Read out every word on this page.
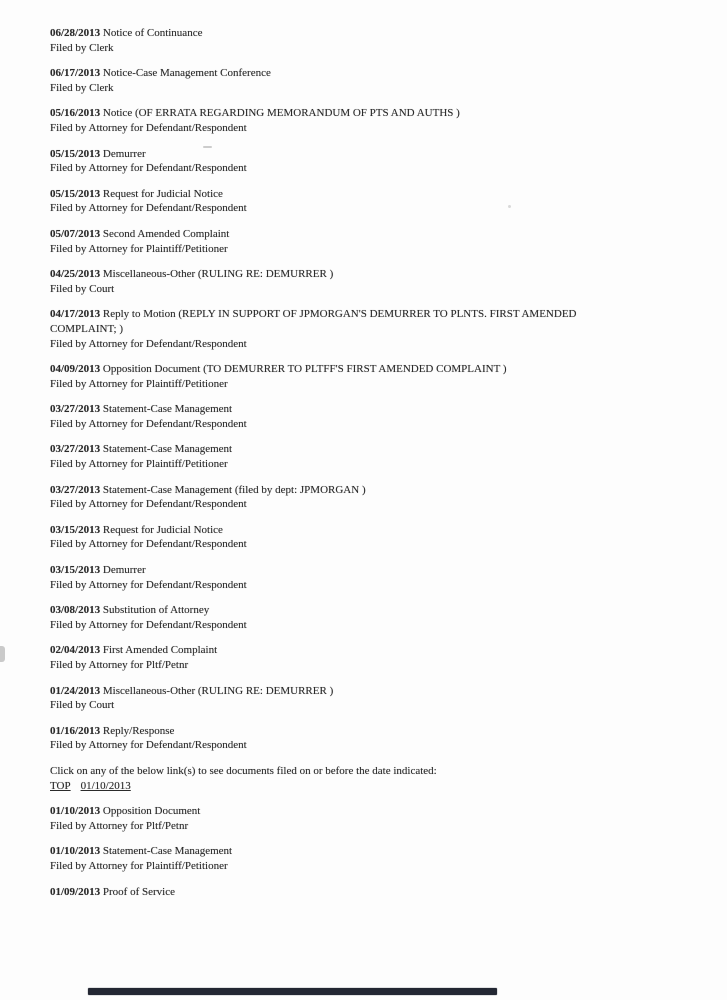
06/28/2013 Notice of Continuance

Filed by Clerk

06/17/2013 Notice-Case Management Conference

Filed by Clerk

05/16/2013 Notice (OF ERRATA REGARDING MEMORANDUM OF PTS AND AUTHS )

Filed by Attorney for Defendant/Respondent

05/15/2013 Demurrer

Filed by Attorney for Defendant/Respondent

05/15/2013 Request for Judicial Notice

Filed by Attorney for Defendant/Respondent

05/07/2013 Second Amended Complaint

Filed by Attorney for Plaintiff/Petitioner

04/25/2013 Miscellaneous-Other (RULING RE: DEMURRER )

Filed by Court

04/17/2013 Reply to Motion (REPLY IN SUPPORT OF JPMORGAN'S DEMURRER TO PLNTS. FIRST AMENDED COMPLAINT; )

Filed by Attorney for Defendant/Respondent

04/09/2013 Opposition Document (TO DEMURRER TO PLTFF'S FIRST AMENDED COMPLAINT )

Filed by Attorney for Plaintiff/Petitioner

03/27/2013 Statement-Case Management

Filed by Attorney for Defendant/Respondent

03/27/2013 Statement-Case Management

Filed by Attorney for Plaintiff/Petitioner

03/27/2013 Statement-Case Management (filed by dept: JPMORGAN )

Filed by Attorney for Defendant/Respondent

03/15/2013 Request for Judicial Notice

Filed by Attorney for Defendant/Respondent

03/15/2013 Demurrer

Filed by Attorney for Defendant/Respondent

03/08/2013 Substitution of Attorney

Filed by Attorney for Defendant/Respondent

02/04/2013 First Amended Complaint

Filed by Attorney for Pltf/Petnr

01/24/2013 Miscellaneous-Other (RULING RE: DEMURRER )

Filed by Court

01/16/2013 Reply/Response

Filed by Attorney for Defendant/Respondent

Click on any of the below link(s) to see documents filed on or before the date indicated:

TOP 01/10/2013

01/10/2013 Opposition Document

Filed by Attorney for Pltf/Petnr

01/10/2013 Statement-Case Management

Filed by Attorney for Plaintiff/Petitioner

01/09/2013 Proof of Service
